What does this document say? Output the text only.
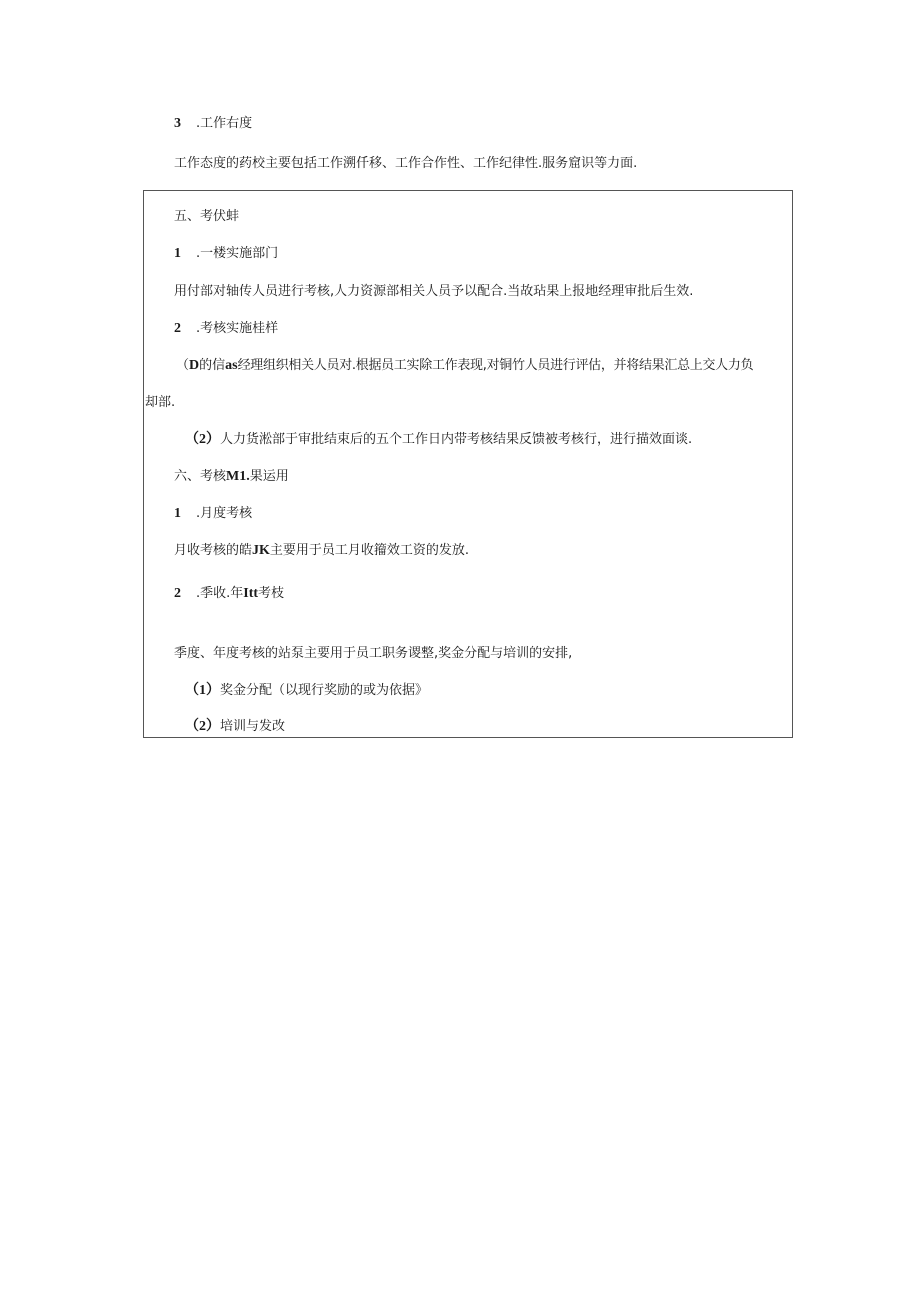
3 .工作右度
工作态度的药校主要包括工作溯仟移、工作合作性、工作纪律性.服务窟识等力面.
五、考伏蚌
1 .一楼实施部门
用付部对轴传人员进行考核,人力资源部相关人员予以配合.当故玷果上报地经理审批后生效.
2 .考核实施桂样
（D的信as经理组织相关人员对.根据员工实除工作表现,对铜竹人员进行评估，并将结果汇总上交人力负
却部.
（2）人力货淞部于审批结束后的五个工作日内带考核结果反馈被考核行，进行描效面谈.
六、考核M1.果运用
1 .月度考核
月收考核的皓JK主要用于员工月收籀效工资的发放.
2 .季收.年Itt考枝
季度、年度考核的站泵主要用于员工职务谡整,奖金分配与培训的安排,
（1）奖金分配（以现行奖励的或为依据》
（2）培训与发改
